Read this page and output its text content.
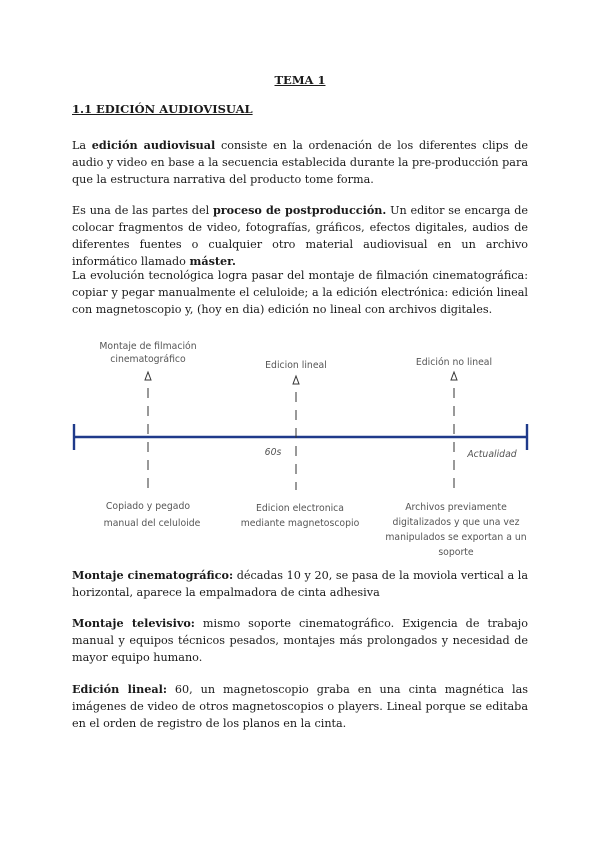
TEMA 1
1.1 EDICIÓN AUDIOVISUAL

La edición audiovisual consiste en la ordenación de los diferentes clips de audio y video en base a la secuencia establecida durante la pre-producción para que la estructura narrativa del producto tome forma.

Es una de las partes del proceso de postproducción. Un editor se encarga de colocar fragmentos de video, fotografías, gráficos, efectos digitales, audios de diferentes fuentes o cualquier otro material audiovisual en un archivo informático llamado máster.

La evolución tecnológica logra pasar del montaje de filmación cinematográfica: copiar y pegar manualmente el celuloide; a la edición electrónica: edición lineal con magnetoscopio y, (hoy en dia) edición no lineal con archivos digitales.

Montaje de filmación
cinematográfico
Edicion lineal	Edición no lineal
60s	Actualidad
Copiado y pegado
manual del celuloide
Edicion electronica
mediante magnetoscopio
Archivos previamente
digitalizados y que una vez
manipulados se exportan a un
soporte

Montaje cinematográfico: décadas 10 y 20, se pasa de la moviola vertical a la horizontal, aparece la empalmadora de cinta adhesiva

Montaje televisivo: mismo soporte cinematográfico. Exigencia de trabajo manual y equipos técnicos pesados, montajes más prolongados y necesidad de mayor equipo humano.

Edición lineal: 60, un magnetoscopio graba en una cinta magnética las imágenes de video de otros magnetoscopios o players. Lineal porque se editaba en el orden de registro de los planos en la cinta.
